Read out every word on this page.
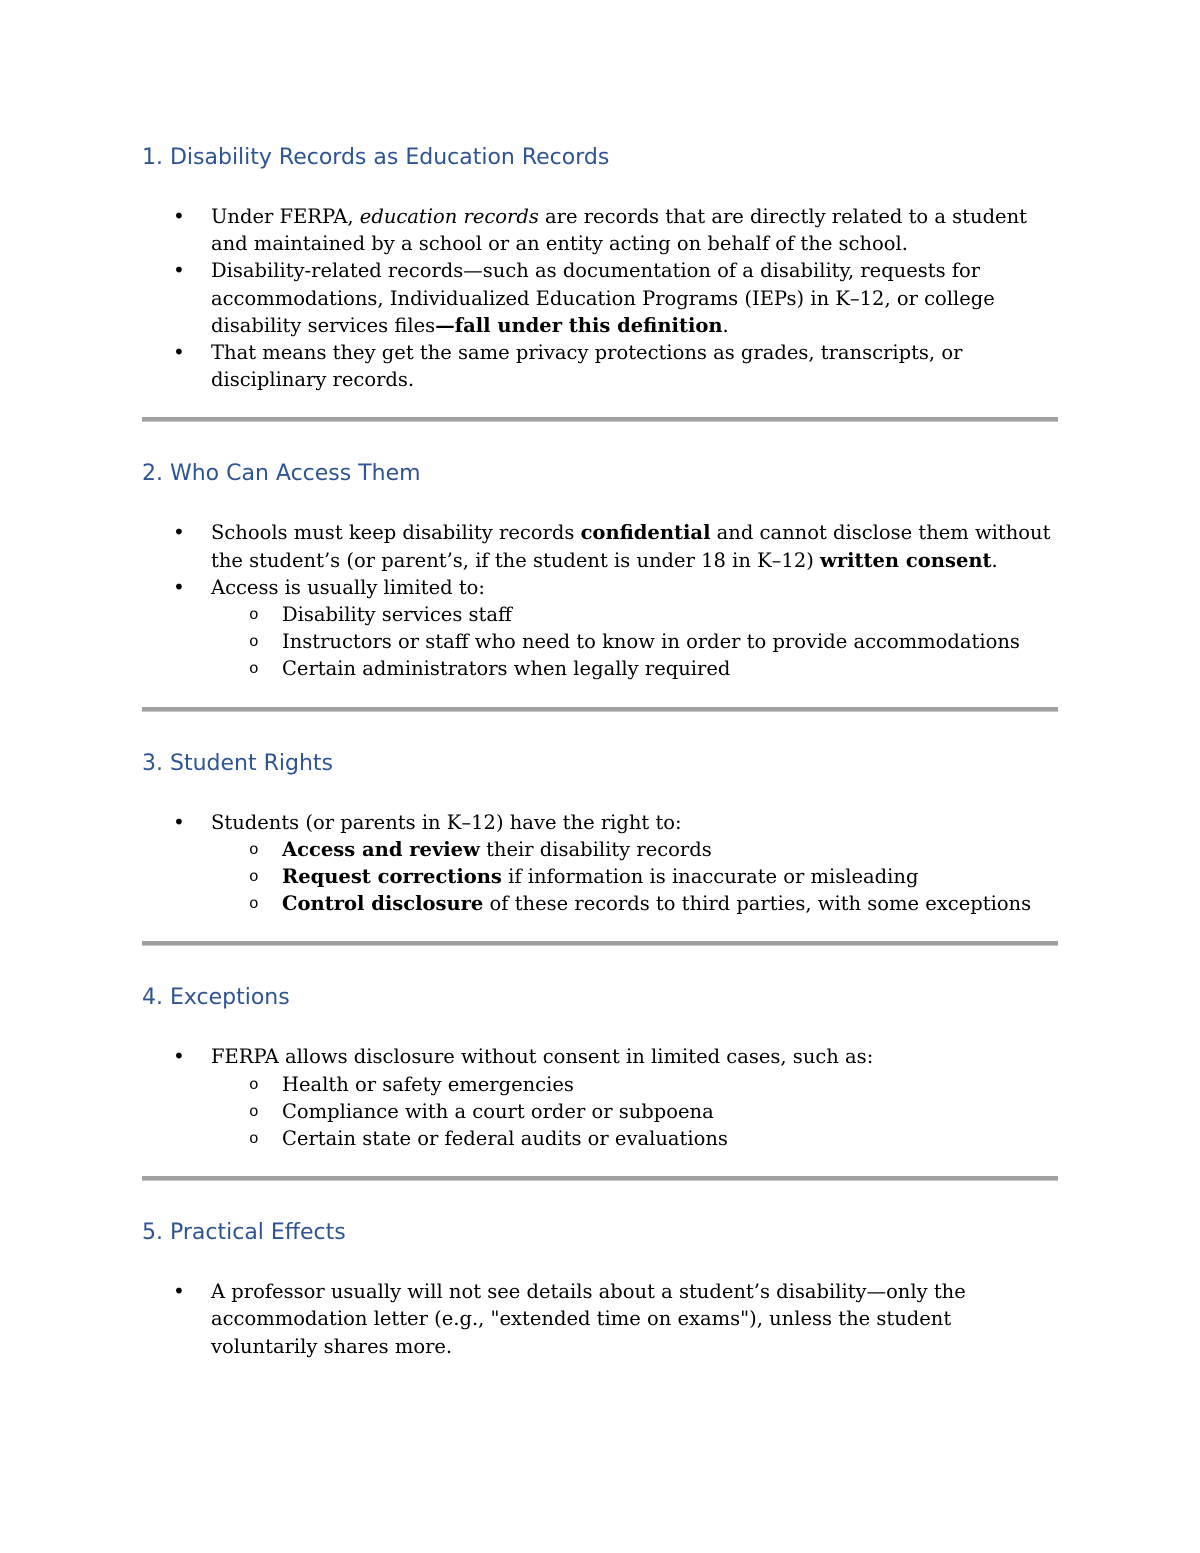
1. Disability Records as Education Records
• Under FERPA, education records are records that are directly related to a student and maintained by a school or an entity acting on behalf of the school.
• Disability-related records—such as documentation of a disability, requests for accommodations, Individualized Education Programs (IEPs) in K–12, or college disability services files—fall under this definition.
• That means they get the same privacy protections as grades, transcripts, or disciplinary records.
2. Who Can Access Them
• Schools must keep disability records confidential and cannot disclose them without the student’s (or parent’s, if the student is under 18 in K–12) written consent.
• Access is usually limited to:
o Disability services staff
o Instructors or staff who need to know in order to provide accommodations
o Certain administrators when legally required
3. Student Rights
• Students (or parents in K–12) have the right to:
o Access and review their disability records
o Request corrections if information is inaccurate or misleading
o Control disclosure of these records to third parties, with some exceptions
4. Exceptions
• FERPA allows disclosure without consent in limited cases, such as:
o Health or safety emergencies
o Compliance with a court order or subpoena
o Certain state or federal audits or evaluations
5. Practical Effects
• A professor usually will not see details about a student’s disability—only the accommodation letter (e.g., "extended time on exams"), unless the student voluntarily shares more.
